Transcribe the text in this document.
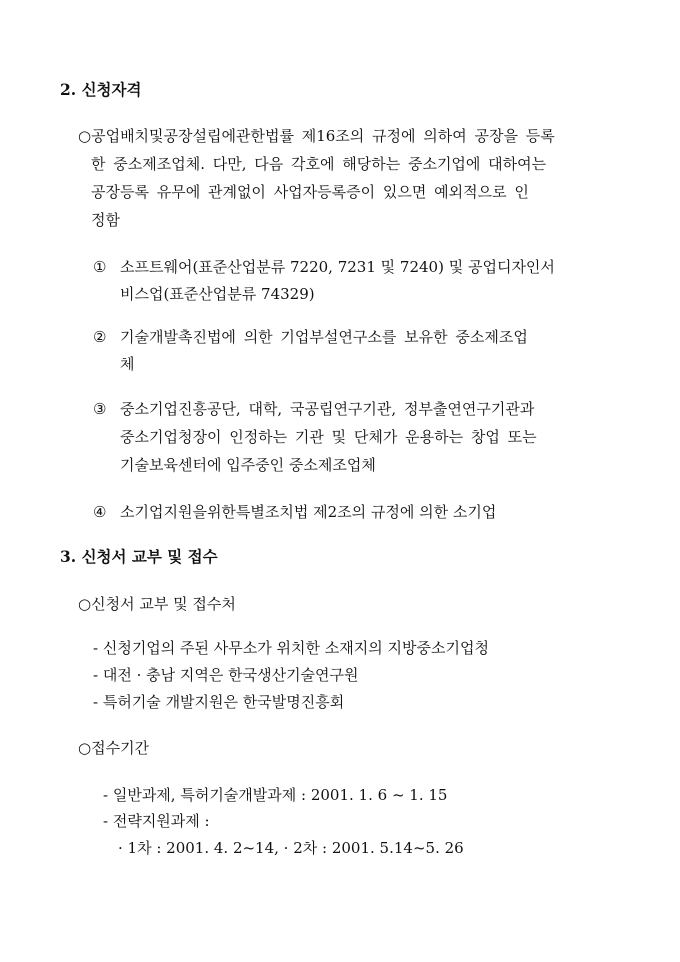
2. 신청자격
○공업배치및공장설립에관한법률 제16조의 규정에 의하여 공장을 등록
한 중소제조업체. 다만, 다음 각호에 해당하는 중소기업에 대하여는
공장등록 유무에 관계없이 사업자등록증이 있으면 예외적으로 인
정함
① 소프트웨어(표준산업분류 7220, 7231 및 7240) 및 공업디자인서
비스업(표준산업분류 74329)
② 기술개발촉진법에 의한 기업부설연구소를 보유한 중소제조업
체
③ 중소기업진흥공단, 대학, 국공립연구기관, 정부출연연구기관과
중소기업청장이 인정하는 기관 및 단체가 운용하는 창업 또는
기술보육센터에 입주중인 중소제조업체
④ 소기업지원을위한특별조치법 제2조의 규정에 의한 소기업
3. 신청서 교부 및 접수
○신청서 교부 및 접수처
- 신청기업의 주된 사무소가 위치한 소재지의 지방중소기업청
- 대전 · 충남 지역은 한국생산기술연구원
- 특허기술 개발지원은 한국발명진흥회
○접수기간
- 일반과제, 특허기술개발과제 : 2001. 1. 6 ~ 1. 15
- 전략지원과제 :
· 1차 : 2001. 4. 2~14, · 2차 : 2001. 5.14~5. 26
